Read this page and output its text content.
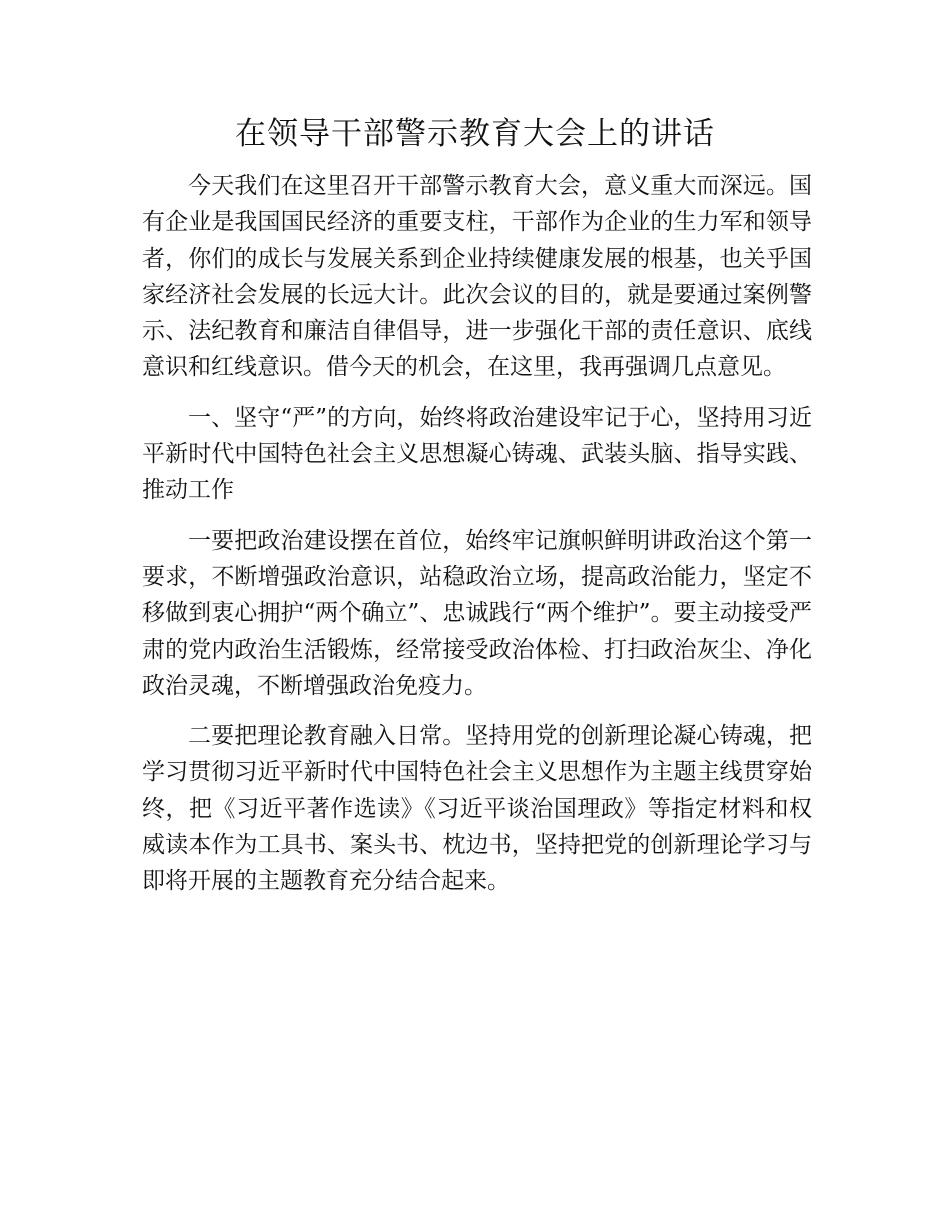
在领导干部警示教育大会上的讲话

今天我们在这里召开干部警示教育大会，意义重大而深远。国有企业是我国国民经济的重要支柱，干部作为企业的生力军和领导者，你们的成长与发展关系到企业持续健康发展的根基，也关乎国家经济社会发展的长远大计。此次会议的目的，就是要通过案例警示、法纪教育和廉洁自律倡导，进一步强化干部的责任意识、底线意识和红线意识。借今天的机会，在这里，我再强调几点意见。

一、坚守“严”的方向，始终将政治建设牢记于心，坚持用习近平新时代中国特色社会主义思想凝心铸魂、武装头脑、指导实践、推动工作

一要把政治建设摆在首位，始终牢记旗帜鲜明讲政治这个第一要求，不断增强政治意识，站稳政治立场，提高政治能力，坚定不移做到衷心拥护“两个确立”、忠诚践行“两个维护”。要主动接受严肃的党内政治生活锻炼，经常接受政治体检、打扫政治灰尘、净化政治灵魂，不断增强政治免疫力。

二要把理论教育融入日常。坚持用党的创新理论凝心铸魂，把学习贯彻习近平新时代中国特色社会主义思想作为主题主线贯穿始终，把《习近平著作选读》《习近平谈治国理政》等指定材料和权威读本作为工具书、案头书、枕边书，坚持把党的创新理论学习与即将开展的主题教育充分结合起来。
